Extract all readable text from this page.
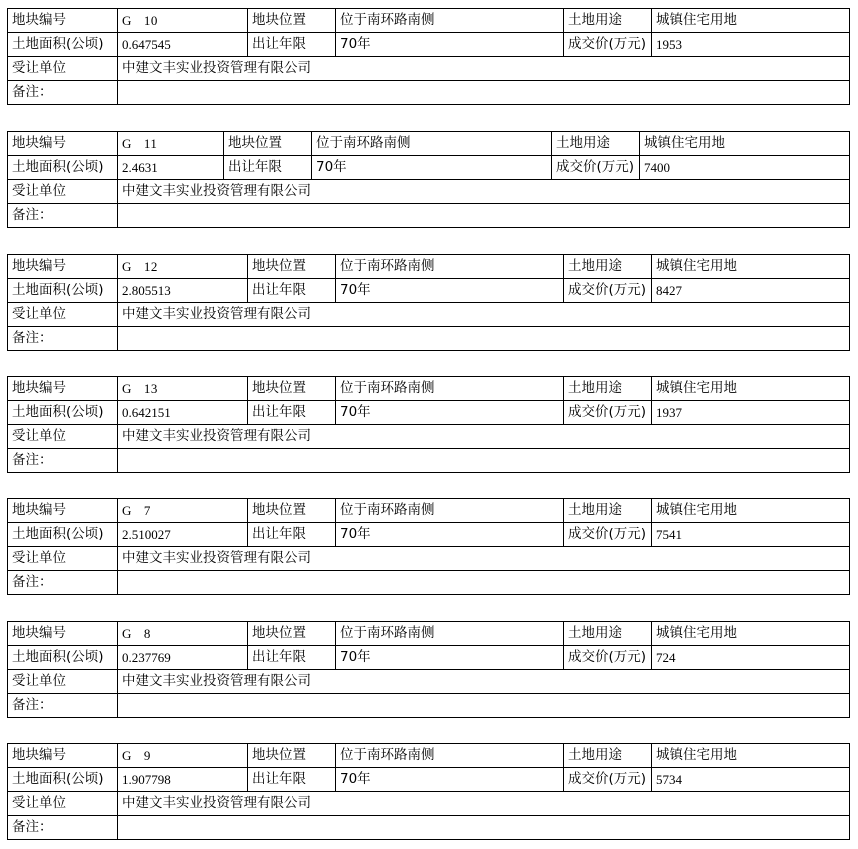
地块编号	G 10	地块位置	位于南环路南侧	土地用途	城镇住宅用地
土地面积(公顷)	0.647545	出让年限	70年	成交价(万元)	1953
受让单位	中建文丰实业投资管理有限公司				
备注：					
地块编号	G 11	地块位置	位于南环路南侧	土地用途	城镇住宅用地
土地面积(公顷)	2.4631	出让年限	70年	成交价(万元)	7400
受让单位	中建文丰实业投资管理有限公司				
备注：					
地块编号	G 12	地块位置	位于南环路南侧	土地用途	城镇住宅用地
土地面积(公顷)	2.805513	出让年限	70年	成交价(万元)	8427
受让单位	中建文丰实业投资管理有限公司				
备注：					
地块编号	G 13	地块位置	位于南环路南侧	土地用途	城镇住宅用地
土地面积(公顷)	0.642151	出让年限	70年	成交价(万元)	1937
受让单位	中建文丰实业投资管理有限公司				
备注：					
地块编号	G 7	地块位置	位于南环路南侧	土地用途	城镇住宅用地
土地面积(公顷)	2.510027	出让年限	70年	成交价(万元)	7541
受让单位	中建文丰实业投资管理有限公司				
备注：					
地块编号	G 8	地块位置	位于南环路南侧	土地用途	城镇住宅用地
土地面积(公顷)	0.237769	出让年限	70年	成交价(万元)	724
受让单位	中建文丰实业投资管理有限公司				
备注：					
地块编号	G 9	地块位置	位于南环路南侧	土地用途	城镇住宅用地
土地面积(公顷)	1.907798	出让年限	70年	成交价(万元)	5734
受让单位	中建文丰实业投资管理有限公司				
备注：					
